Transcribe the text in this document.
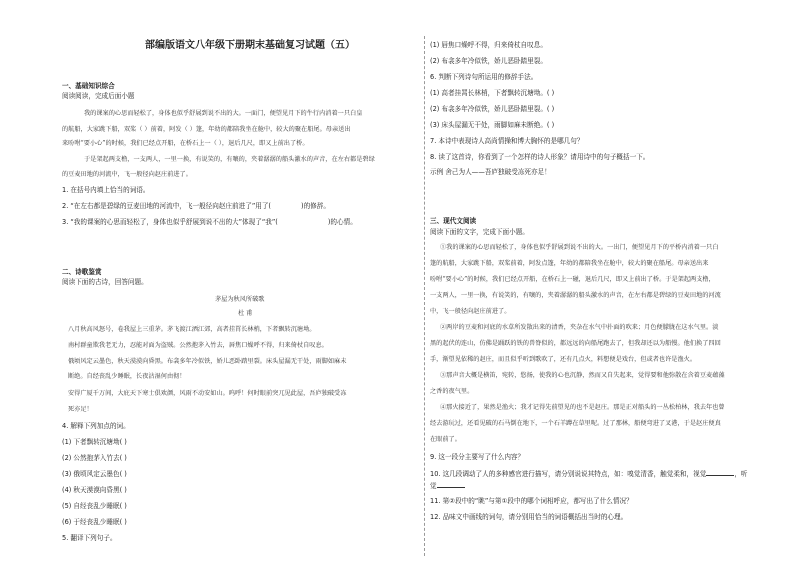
部编版语文八年级下册期末基础复习试题（五）
一、基础知识综合
阅读阅读，完成后面小题
我的课案的心思而轻松了，身体也似乎舒展到说不出的大。一面门，便望见月下的牛行内消着一只白皇
的航船，大家跳下船，双桨（ ）前着，阿发（ ）篷，年幼的都陪我坐在舱中，较大的聚在船尾。母亲送出
来吩咐“要小心”的时候，我们已经点开船，在桥石上一（ ），退后几尺，即又上前出了桥。
于是架起两支橹，一支两人，一里一换，有说笑的，有嚷的，夹着潺潺的船头激水的声音，在左右都是碧绿
的豆麦田地的河流中，飞一般径向赵庄前进了。
1. 在括号内填上恰当的词语。
2. “在左右都是碧绿的豆麦田地的河流中，飞一般径向赵庄前进了”用了(	)的修辞。
3. “我的课案的心思而轻松了，身体也似乎舒展到说不出的大”体现了“我”(	)的心情。
二、诗歌鉴赏
阅读下面的古诗，回答问题。
茅屋为秋风所破歌
杜 甫
八月秋高风怒号，卷我屋上三重茅。茅飞渡江洒江郊，高者挂罥长林梢，下者飘转沉塘坳。
南村群童欺我老无力，忍能对面为盗贼。公然抱茅入竹去，唇焦口燥呼不得，归来倚杖自叹息。
俄顷风定云墨色，秋天漠漠向昏黑。布衾多年冷似铁，娇儿恶卧踏里裂。床头屋漏无干处，雨脚如麻未
断绝。自经丧乱少睡眠，长夜沾湿何由彻！
安得广厦千万间，大庇天下寒士俱欢颜，风雨不动安如山。呜呼！何时眼前突兀见此屋，吾庐独破受冻
死亦足！
4. 解释下列加点的词。
(1) 下者飘转沉塘坳( )
(2) 公然抱茅入竹去( )
(3) 俄顷风定云墨色( )
(4) 秋天漠漠向昏黑( )
(5) 自经丧乱少睡眠( )
(6) 于经丧乱少睡眠( )
5. 翻译下列句子。
(1) 唇焦口燥呼不得，归来倚杖自叹息。
(2) 布衾多年冷似铁，娇儿恶卧踏里裂。
6. 判断下列诗句所运用的修辞手法。
(1) 高者挂罥长林梢，下者飘转沉塘坳。( )
(2) 布衾多年冷似铁，娇儿恶卧踏里裂。( )
(3) 床头屋漏无干处，雨脚如麻未断绝。( )
7. 本诗中表现诗人高尚情操和博大胸怀的是哪几句？
8. 读了这首诗，你看到了一个怎样的诗人形象？请用诗中的句子概括一下。
示例 舍己为人——吾庐独破受冻死亦足！
三、现代文阅读
阅读下面的文字，完成下面小题。
①我的课案的心思而轻松了，身体也似乎舒展到说不出的大。一出门，便望见月下的平桥内消着一只白
篷的航船，大家跳下船，双桨前着，阿发点篷，年幼的都陪我坐在舱中，较大的聚在船尾。母亲送出来
吩咐“要小心”的时候，我们已经点开船，在桥石上一碰，退后几尺，即又上前出了桥。于是架起两支橹，
一支两人，一里一换，有说笑的，有嚷的，夹着潺潺的船头激水的声音，在左右都是碧绿的豆麦田地的河流
中，飞一般径向赵庄前进了。
②两岸的豆麦和河底的水草所发散出来的清香，夹杂在水气中扑面的吹来；月色便朦胧在这水气里。淡
黑的起伏的连山，仿佛是踊跃的铁的兽脊似的，都远远的向船尾跑去了，但我却还以为船慢。他们换了四回
手，渐望见依稀的赵庄，而且似乎听到歌吹了，还有几点火，料想便是戏台，但或者也许是渔火。
③那声音大概是横笛，宛转，悠扬，使我的心也沉静，然而又自失起来，觉得要和他弥散在含着豆麦蕴藻
之香的夜气里。
④那火接近了，果然是渔火；我才记得先前望见的也不是赵庄。那是正对船头的一丛松柏林，我去年也曾
经去游玩过，还看见破的石马倒在地下，一个石羊蹲在草里呢。过了那林，船便弯进了叉港，于是赵庄便真
在眼前了。
9. 这一段分主要写了什么内容？
10. 这几段调动了人的多种感官进行描写，请分别说说其特点，如：嗅觉清香，触觉柔和，视觉	，听
觉
11. 第②段中的“眺”与第①段中的哪个词相呼应，都写出了什么情况？
12. 品味文中画线的词句，请分别用恰当的词语概括出当时的心理。
